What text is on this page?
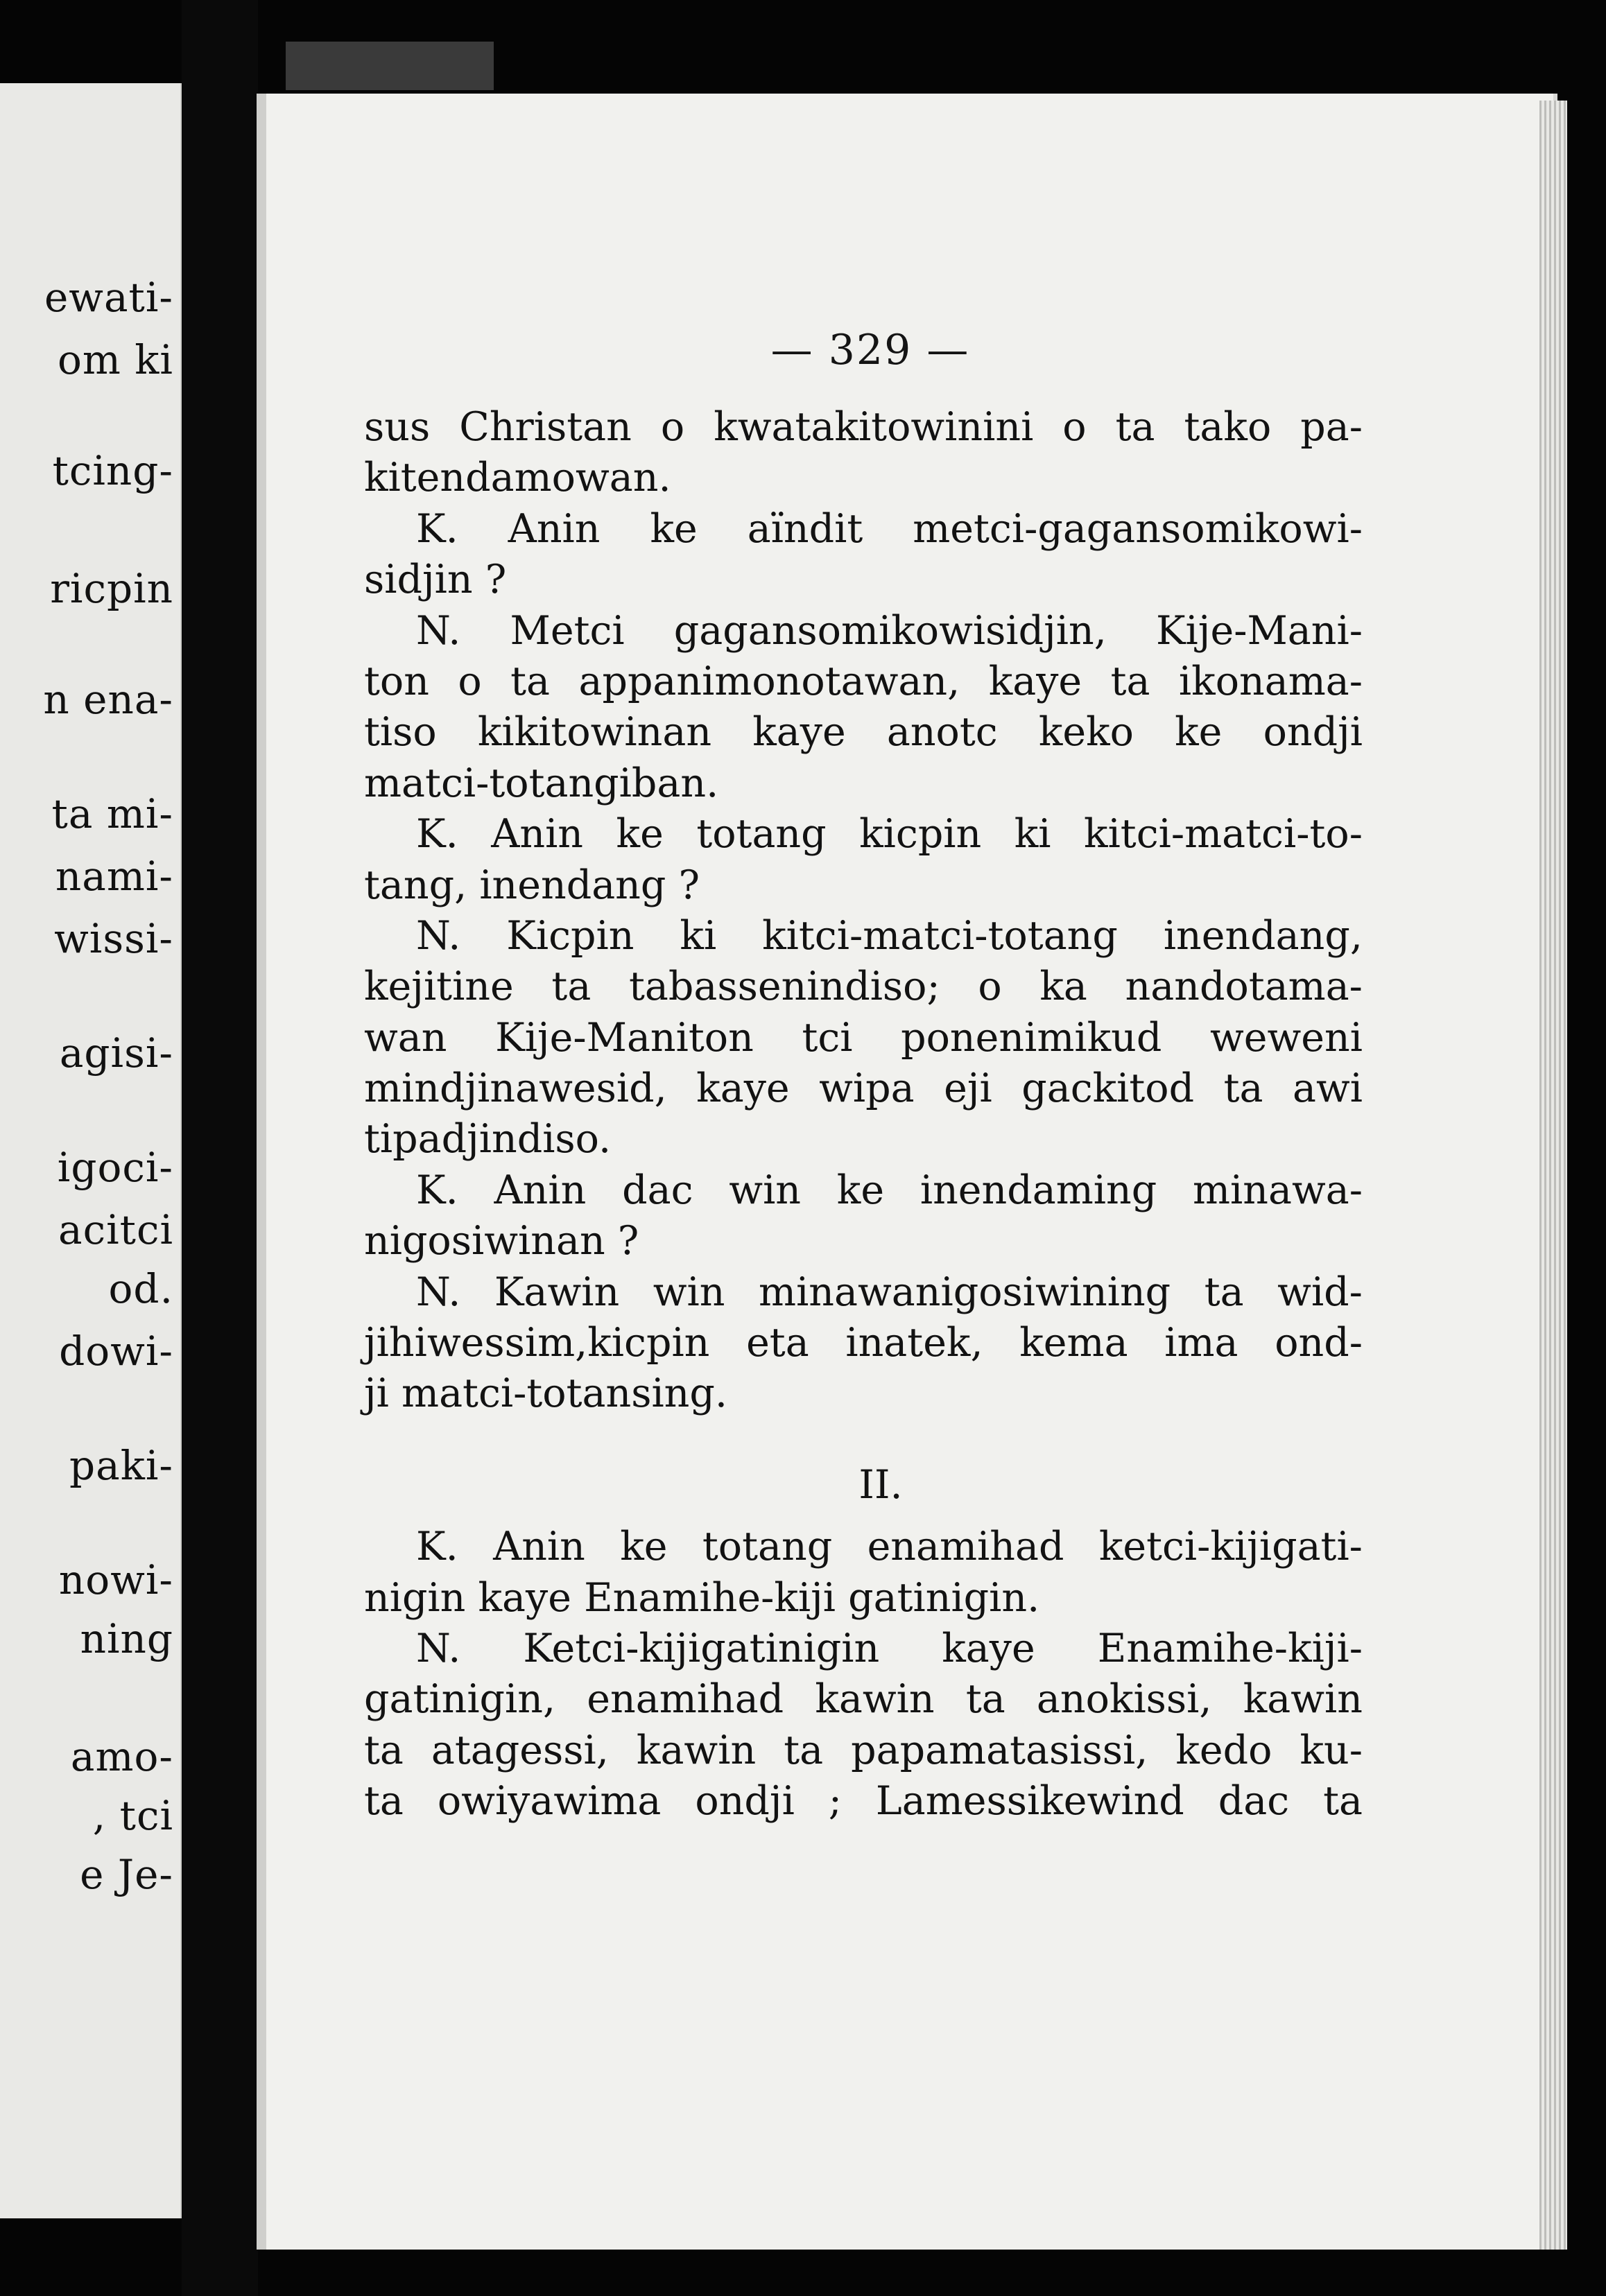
ewati-
om ki
tcing-
ricpin
n ena-
ta mi-
nami-
wissi-
agisi-
igoci-
acitci
od.
dowi-
paki-
nowi-
ning
amo-
, tci
e Je-
— 329 —
sus Christan o kwatakitowinini o ta tako pa-
kitendamowan.
K. Anin ke aïndit metci-gagansomikowi-
sidjin ?
N. Metci gagansomikowisidjin, Kije-Mani-
ton o ta appanimonotawan, kaye ta ikonama-
tiso kikitowinan kaye anotc keko ke ondji
matci-totangiban.
K. Anin ke totang kicpin ki kitci-matci-to-
tang, inendang ?
N. Kicpin ki kitci-matci-totang inendang,
kejitine ta tabassenindiso; o ka nandotama-
wan Kije-Maniton tci ponenimikud weweni
mindjinawesid, kaye wipa eji gackitod ta awi
tipadjindiso.
K. Anin dac win ke inendaming minawa-
nigosiwinan ?
N. Kawin win minawanigosiwining ta wid-
jihiwessim,kicpin eta inatek, kema ima ond-
ji matci-totansing.
II.
K. Anin ke totang enamihad ketci-kijigati-
nigin kaye Enamihe-kiji gatinigin.
N. Ketci-kijigatinigin kaye Enamihe-kiji-
gatinigin, enamihad kawin ta anokissi, kawin
ta atagessi, kawin ta papamatasissi, kedo ku-
ta owiyawima ondji ; Lamessikewind dac ta
